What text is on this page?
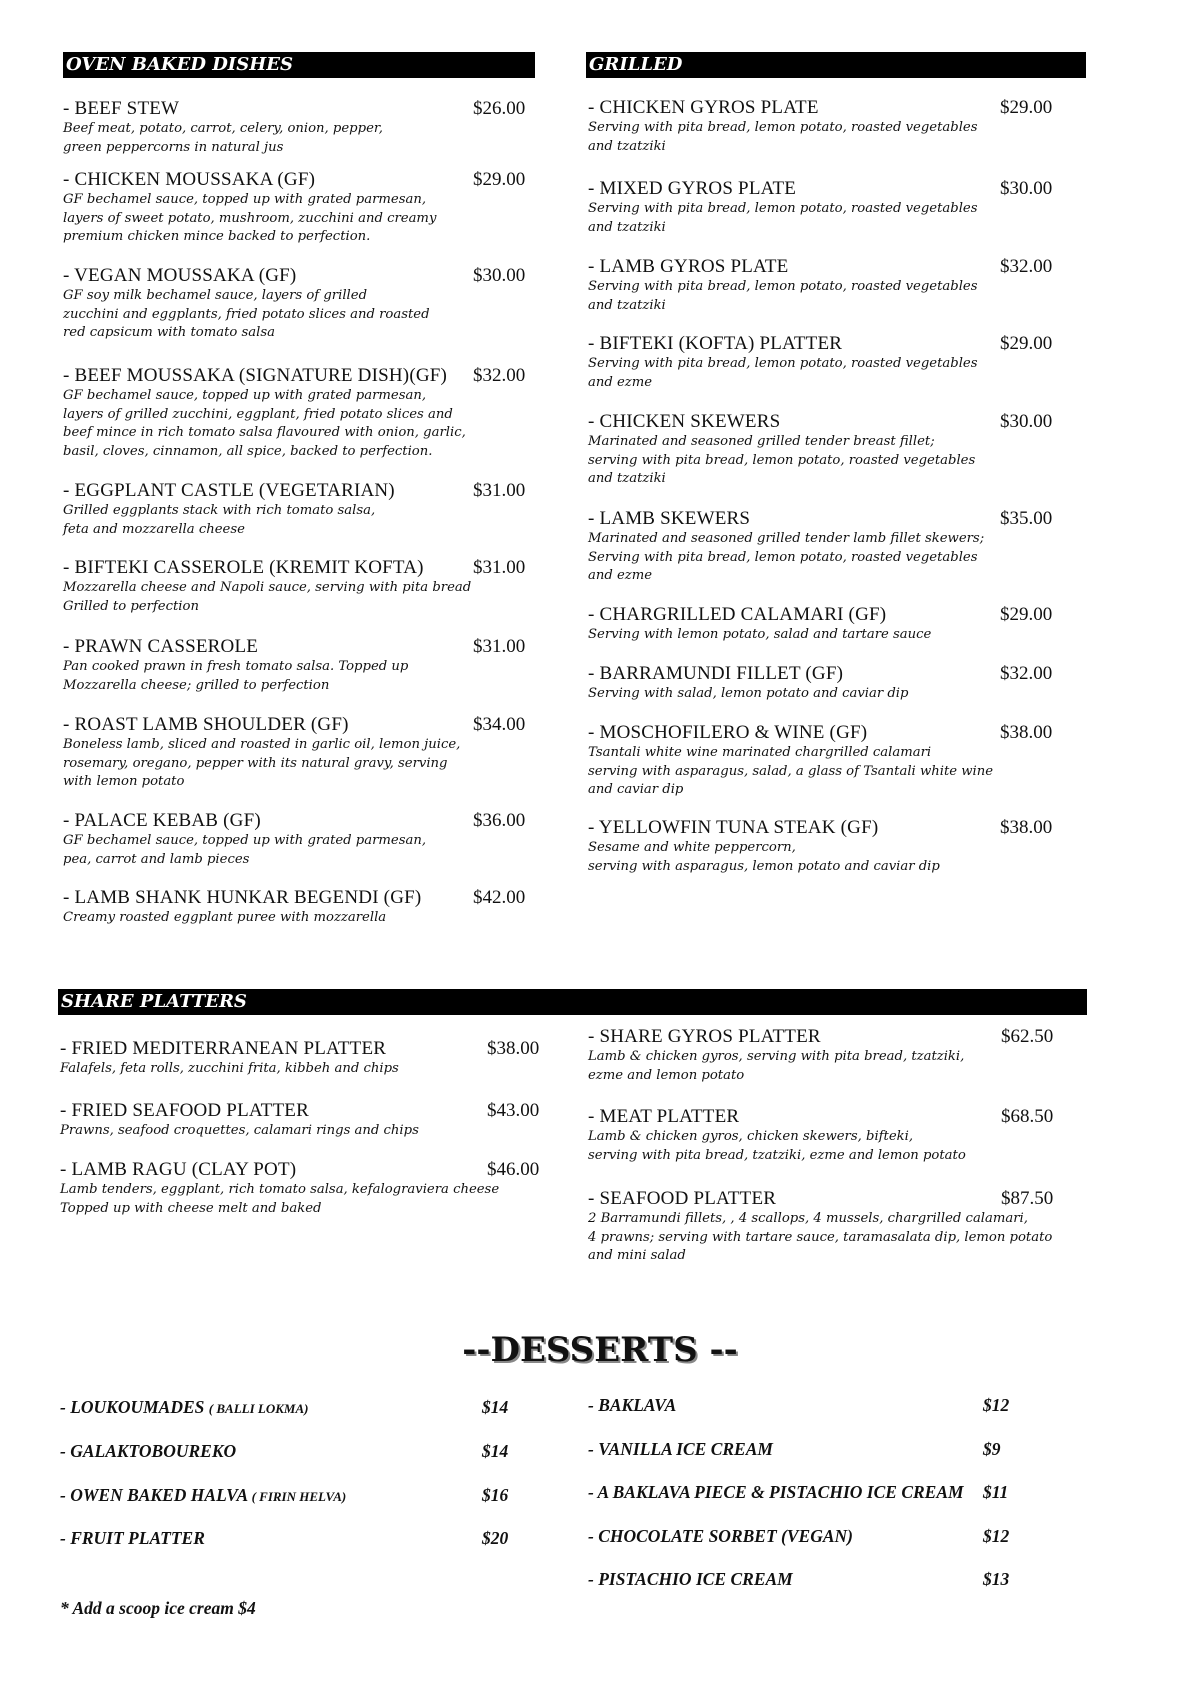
OVEN BAKED DISHES	GRILLED
SHARE PLATTERS
--DESSERTS --
* Add a scoop ice cream $4
- BEEF STEW	$26.00
Beef meat, potato, carrot, celery, onion, pepper,
green peppercorns in natural jus
- CHICKEN MOUSSAKA (GF)	$29.00
GF bechamel sauce, topped up with grated parmesan,
layers of sweet potato, mushroom, zucchini and creamy
premium chicken mince backed to perfection.
- VEGAN MOUSSAKA (GF)	$30.00
GF soy milk bechamel sauce, layers of grilled
zucchini and eggplants, fried potato slices and roasted
red capsicum with tomato salsa
- BEEF MOUSSAKA (SIGNATURE DISH)(GF)	$32.00
GF bechamel sauce, topped up with grated parmesan,
layers of grilled zucchini, eggplant, fried potato slices and
beef mince in rich tomato salsa flavoured with onion, garlic,
basil, cloves, cinnamon, all spice, backed to perfection.
- EGGPLANT CASTLE (VEGETARIAN)	$31.00
Grilled eggplants stack with rich tomato salsa,
feta and mozzarella cheese
- BIFTEKI CASSEROLE (KREMIT KOFTA)	$31.00
Mozzarella cheese and Napoli sauce, serving with pita bread
Grilled to perfection
- PRAWN CASSEROLE	$31.00
Pan cooked prawn in fresh tomato salsa. Topped up
Mozzarella cheese; grilled to perfection
- ROAST LAMB SHOULDER (GF)	$34.00
Boneless lamb, sliced and roasted in garlic oil, lemon juice,
rosemary, oregano, pepper with its natural gravy, serving
with lemon potato
- PALACE KEBAB (GF)	$36.00
GF bechamel sauce, topped up with grated parmesan,
pea, carrot and lamb pieces
- LAMB SHANK HUNKAR BEGENDI (GF)	$42.00
Creamy roasted eggplant puree with mozzarella
- CHICKEN GYROS PLATE	$29.00
Serving with pita bread, lemon potato, roasted vegetables
and tzatziki
- MIXED GYROS PLATE	$30.00
Serving with pita bread, lemon potato, roasted vegetables
and tzatziki
- LAMB GYROS PLATE	$32.00
Serving with pita bread, lemon potato, roasted vegetables
and tzatziki
- BIFTEKI (KOFTA) PLATTER	$29.00
Serving with pita bread, lemon potato, roasted vegetables
and ezme
- CHICKEN SKEWERS	$30.00
Marinated and seasoned grilled tender breast fillet;
serving with pita bread, lemon potato, roasted vegetables
and tzatziki
- LAMB SKEWERS	$35.00
Marinated and seasoned grilled tender lamb fillet skewers;
Serving with pita bread, lemon potato, roasted vegetables
and ezme
- CHARGRILLED CALAMARI (GF)	$29.00
Serving with lemon potato, salad and tartare sauce
- BARRAMUNDI FILLET (GF)	$32.00
Serving with salad, lemon potato and caviar dip
- MOSCHOFILERO & WINE (GF)	$38.00
Tsantali white wine marinated chargrilled calamari
serving with asparagus, salad, a glass of Tsantali white wine
and caviar dip
- YELLOWFIN TUNA STEAK (GF)	$38.00
Sesame and white peppercorn,
serving with asparagus, lemon potato and caviar dip
- FRIED MEDITERRANEAN PLATTER	$38.00
Falafels, feta rolls, zucchini frita, kibbeh and chips
- FRIED SEAFOOD PLATTER	$43.00
Prawns, seafood croquettes, calamari rings and chips
- LAMB RAGU (CLAY POT)	$46.00
Lamb tenders, eggplant, rich tomato salsa, kefalograviera cheese
Topped up with cheese melt and baked
- SHARE GYROS PLATTER	$62.50
Lamb & chicken gyros, serving with pita bread, tzatziki,
ezme and lemon potato
- MEAT PLATTER	$68.50
Lamb & chicken gyros, chicken skewers, bifteki,
serving with pita bread, tzatziki, ezme and lemon potato
- SEAFOOD PLATTER	$87.50
2 Barramundi fillets, , 4 scallops, 4 mussels, chargrilled calamari,
4 prawns; serving with tartare sauce, taramasalata dip, lemon potato
and mini salad
- LOUKOUMADES ( BALLI LOKMA)	$14
- GALAKTOBOUREKO	$14
- OWEN BAKED HALVA ( FIRIN HELVA)	$16
- FRUIT PLATTER	$20
- BAKLAVA	$12
- VANILLA ICE CREAM	$9
- A BAKLAVA PIECE & PISTACHIO ICE CREAM $11
- CHOCOLATE SORBET (VEGAN)	$12
- PISTACHIO ICE CREAM	$13
